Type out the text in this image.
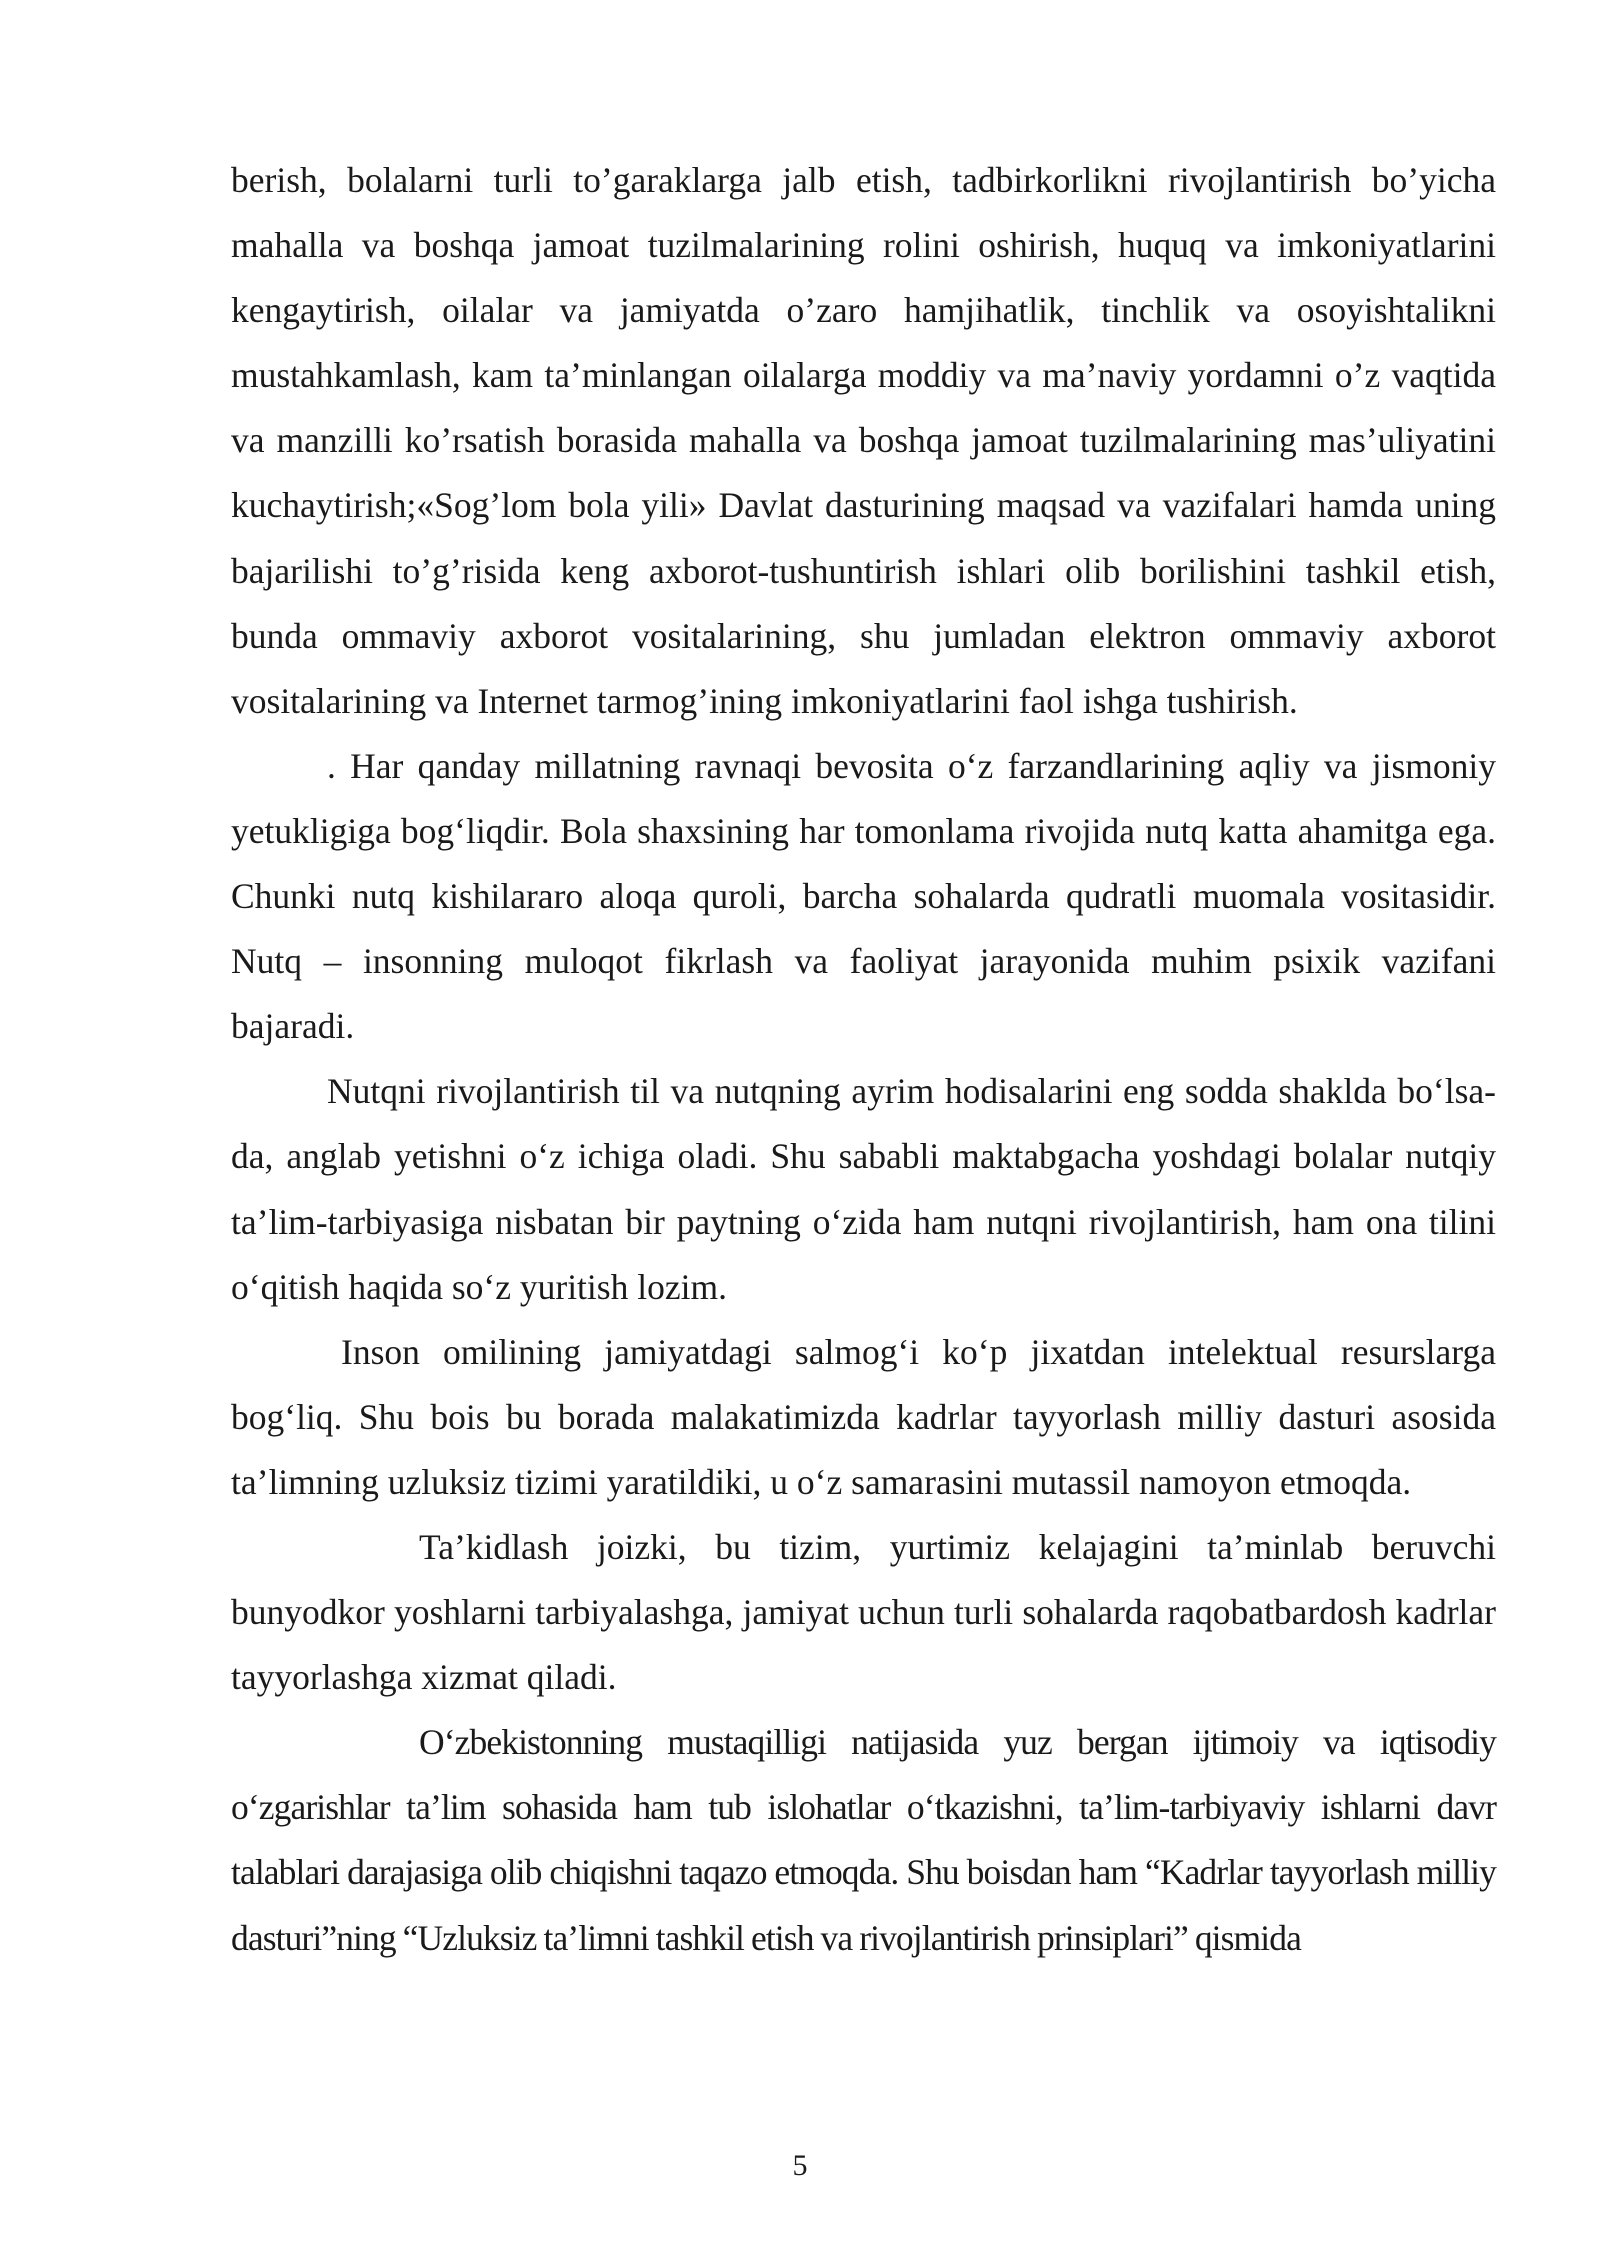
berish, bolalarni turli to’garaklarga jalb etish, tadbirkorlikni rivojlantirish bo’yicha mahalla va boshqa jamoat tuzilmalarining rolini oshirish, huquq va imkoniyatlarini kengaytirish, oilalar va jamiyatda o’zaro hamjihatlik, tinchlik va osoyishtalikni mustahkamlash, kam ta’minlangan oilalarga moddiy va ma’naviy yordamni o’z vaqtida va manzilli ko’rsatish borasida mahalla va boshqa jamoat tuzilmalarining mas’uliyatini kuchaytirish;«Sog’lom bola yili» Davlat dasturining maqsad va vazifalari hamda uning bajarilishi to’g’risida keng axborot-tushuntirish ishlari olib borilishini tashkil etish, bunda ommaviy axborot vositalarining, shu jumladan elektron ommaviy axborot vositalarining va Internet tarmog’ining imkoniyatlarini faol ishga tushirish.

. Har qanday millatning ravnaqi bevosita o‘z farzandlarining aqliy va jismoniy yetukligiga bog‘liqdir. Bola shaxsining har tomonlama rivojida nutq katta ahamitga ega. Chunki nutq kishilararo aloqa quroli, barcha sohalarda qudratli muomala vositasidir. Nutq – insonning muloqot fikrlash va faoliyat jarayonida muhim psixik vazifani bajaradi.

Nutqni rivojlantirish til va nutqning ayrim hodisalarini eng sodda shaklda bo‘lsa-da, anglab yetishni o‘z ichiga oladi. Shu sababli maktabgacha yoshdagi bolalar nutqiy ta’lim-tarbiyasiga nisbatan bir paytning o‘zida ham nutqni rivojlantirish, ham ona tilini o‘qitish haqida so‘z yuritish lozim.

Inson omilining jamiyatdagi salmog‘i ko‘p jixatdan intelektual resurslarga bog‘liq. Shu bois bu borada malakatimizda kadrlar tayyorlash milliy dasturi asosida ta’limning uzluksiz tizimi yaratildiki, u o‘z samarasini mutassil namoyon etmoqda.

Ta’kidlash joizki, bu tizim, yurtimiz kelajagini ta’minlab beruvchi bunyodkor yoshlarni tarbiyalashga, jamiyat uchun turli sohalarda raqobatbardosh kadrlar tayyorlashga xizmat qiladi.

O‘zbekistonning mustaqilligi natijasida yuz bergan ijtimoiy va iqtisodiy o‘zgarishlar ta’lim sohasida ham tub islohatlar o‘tkazishni, ta’lim-tarbiyaviy ishlarni davr talablari darajasiga olib chiqishni taqazo etmoqda. Shu boisdan ham “Kadrlar tayyorlash milliy dasturi”ning “Uzluksiz ta’limni tashkil etish va rivojlantirish prinsiplari” qismida

5
